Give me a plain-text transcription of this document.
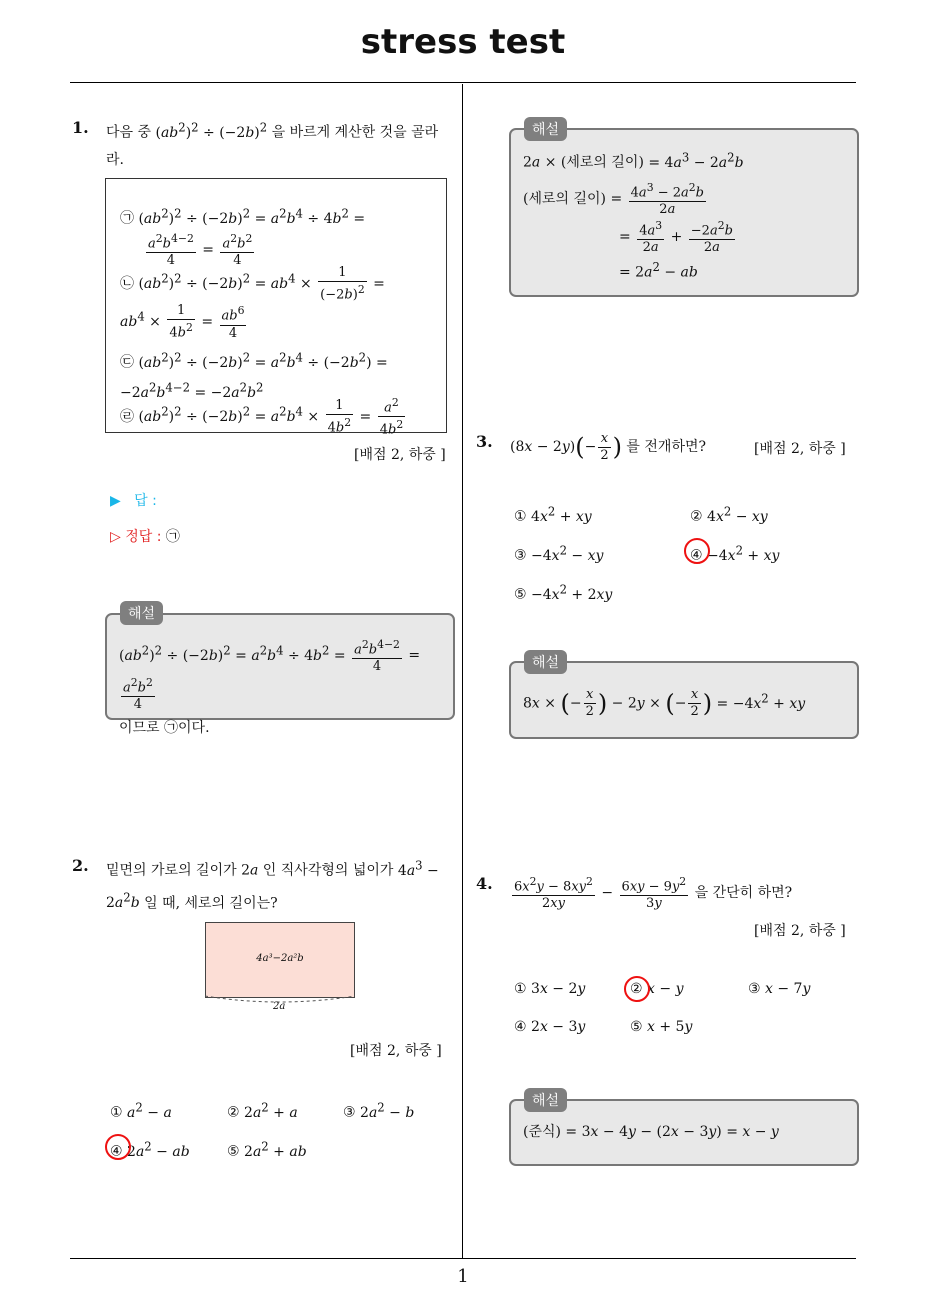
stress test
1
1. 다음 중 $(ab^2)^2 \div (-2b)^2$ 을 바르게 계산한 것을 골라
라.
㉠ $(ab^2)^2 \div (-2b)^2 = a^2b^4 \div 4b^2$ =

$\frac{a^2b^{4-2}}{4} = \frac{a^2b^2}{4}$
㉡ $(ab^2)^2 \div (-2b)^2 = ab^4 \times \frac{1}{(-2b)^2}$ =
$ab^4 \times \frac{1}{4b^2} = \frac{ab^6}{4}$
㉢ $(ab^2)^2 \div (-2b)^2 = a^2b^4 \div (-2b^2)$ =
$-2a^2b^{4-2} = -2a^2b^2$
㉣ $(ab^2)^2 \div (-2b)^2 = a^2b^4 \times \frac{1}{4b^2} = \frac{a^2}{4b^2}$
[배점 2, 하중 ]
▶ 답 :
▷ 정답 : ㉠
$(ab^2)^2 \div (-2b)^2 = a^2b^4 \div 4b^2 = \frac{a^2b^{4-2}}{4}$ =
$\frac{a^2b^2}{4}$

이므로 ㉠이다.
해설
2. 밑면의 가로의 길이가 2a 인 직사각형의 넓이가 $4a^3$ −
$2a^2b$ 일 때, 세로의 길이는?
4a³−2a²b
2a
[배점 2, 하중 ]
① $a^2 - a$	② $2a^2 + a$	③ $2a^2 - b$
④ $2a^2$ − ab	⑤ $2a^2$ + ab
2a × (세로의 길이) = $4a^3 - 2a^2b$

(세로의 길이) = $\frac{4a^3 - 2a^2b}{2a}$
= $\frac{4a^3}{2a} + \frac{-2a^2b}{2a}$
= $2a^2$ − ab
해설
3. $(8x - 2y)(- \frac{x}{2}$ ) 를 전개하면?	[배점 2, 하중 ]
① $4x^2$ + xy	② $4x^2$ − xy
③ $-4x^2$ − xy	④ $-4x^2$ + xy
⑤ $-4x^2 + 2xy$
8x × (− $\frac{x}{2}$ ) − 2y × (− $\frac{x}{2}$ ) = $-4x^2$ + xy
해설
4. $\frac{6x^2y - 8xy^2}{2xy} - \frac{6xy - 9y^2}{3y}$ 을 간단히 하면?
[배점 2, 하중 ]
① 3x − 2y	② x − y	③ x − 7y
④ 2x − 3y	⑤ x + 5y
(준식) = 3x − 4y − (2x − 3y) = x − y
해설
